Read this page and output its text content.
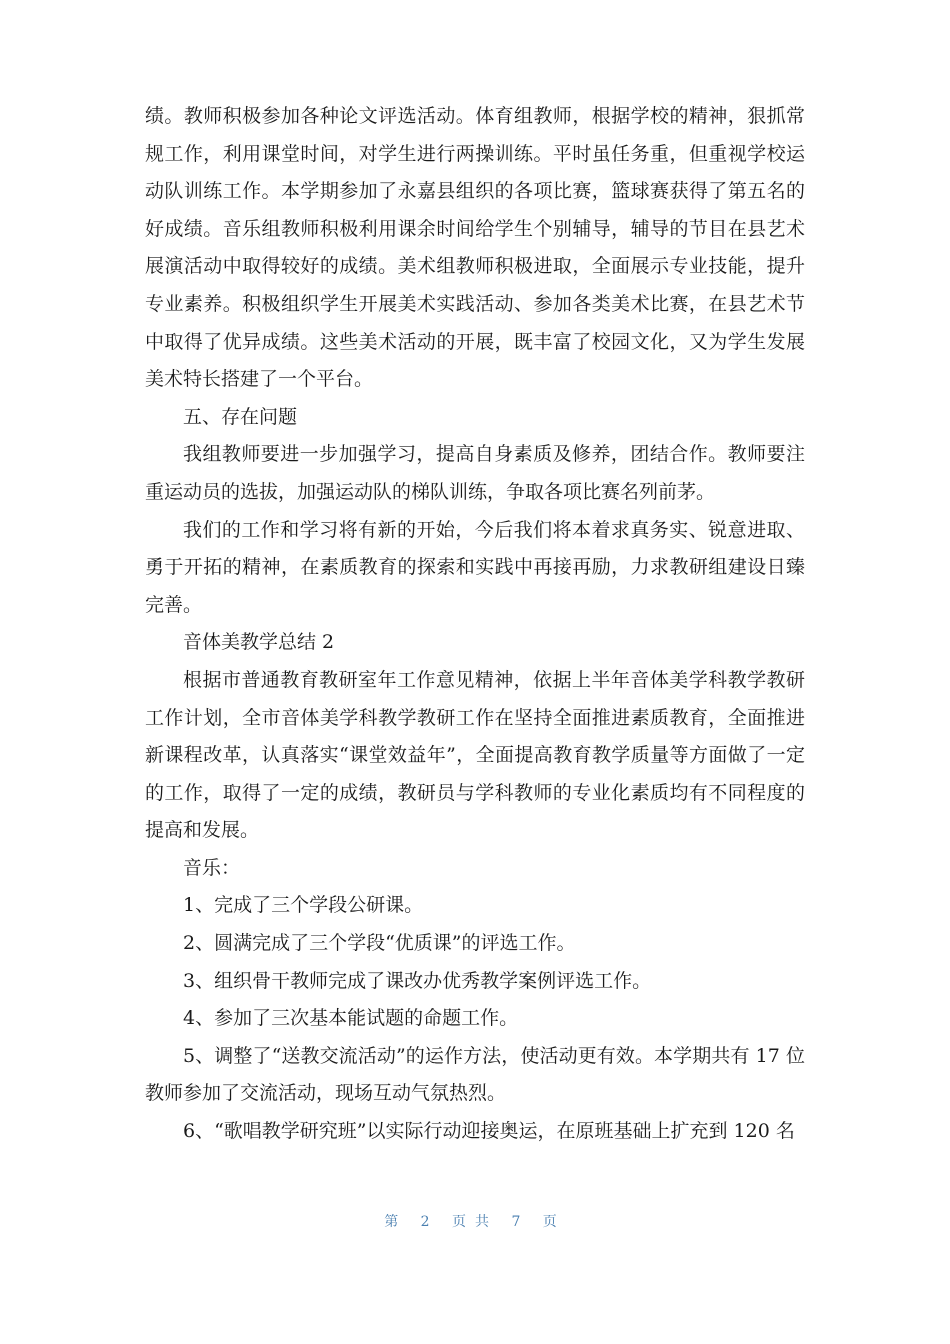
绩。教师积极参加各种论文评选活动。体育组教师，根据学校的精神，狠抓常规工作，利用课堂时间，对学生进行两操训练。平时虽任务重，但重视学校运动队训练工作。本学期参加了永嘉县组织的各项比赛，篮球赛获得了第五名的好成绩。音乐组教师积极利用课余时间给学生个别辅导，辅导的节目在县艺术展演活动中取得较好的成绩。美术组教师积极进取，全面展示专业技能，提升专业素养。积极组织学生开展美术实践活动、参加各类美术比赛，在县艺术节中取得了优异成绩。这些美术活动的开展，既丰富了校园文化，又为学生发展美术特长搭建了一个平台。

五、存在问题

我组教师要进一步加强学习，提高自身素质及修养，团结合作。教师要注重运动员的选拔，加强运动队的梯队训练，争取各项比赛名列前茅。

我们的工作和学习将有新的开始，今后我们将本着求真务实、锐意进取、勇于开拓的精神，在素质教育的探索和实践中再接再励，力求教研组建设日臻完善。

音体美教学总结 2

根据市普通教育教研室年工作意见精神，依据上半年音体美学科教学教研工作计划，全市音体美学科教学教研工作在坚持全面推进素质教育，全面推进新课程改革，认真落实“课堂效益年”，全面提高教育教学质量等方面做了一定的工作，取得了一定的成绩，教研员与学科教师的专业化素质均有不同程度的提高和发展。

音乐：

1、完成了三个学段公研课。

2、圆满完成了三个学段“优质课”的评选工作。

3、组织骨干教师完成了课改办优秀教学案例评选工作。

4、参加了三次基本能试题的命题工作。

5、调整了“送教交流活动”的运作方法，使活动更有效。本学期共有 17 位教师参加了交流活动，现场互动气氛热烈。

6、“歌唱教学研究班”以实际行动迎接奥运，在原班基础上扩充到 120 名

第 2 页共 7 页
